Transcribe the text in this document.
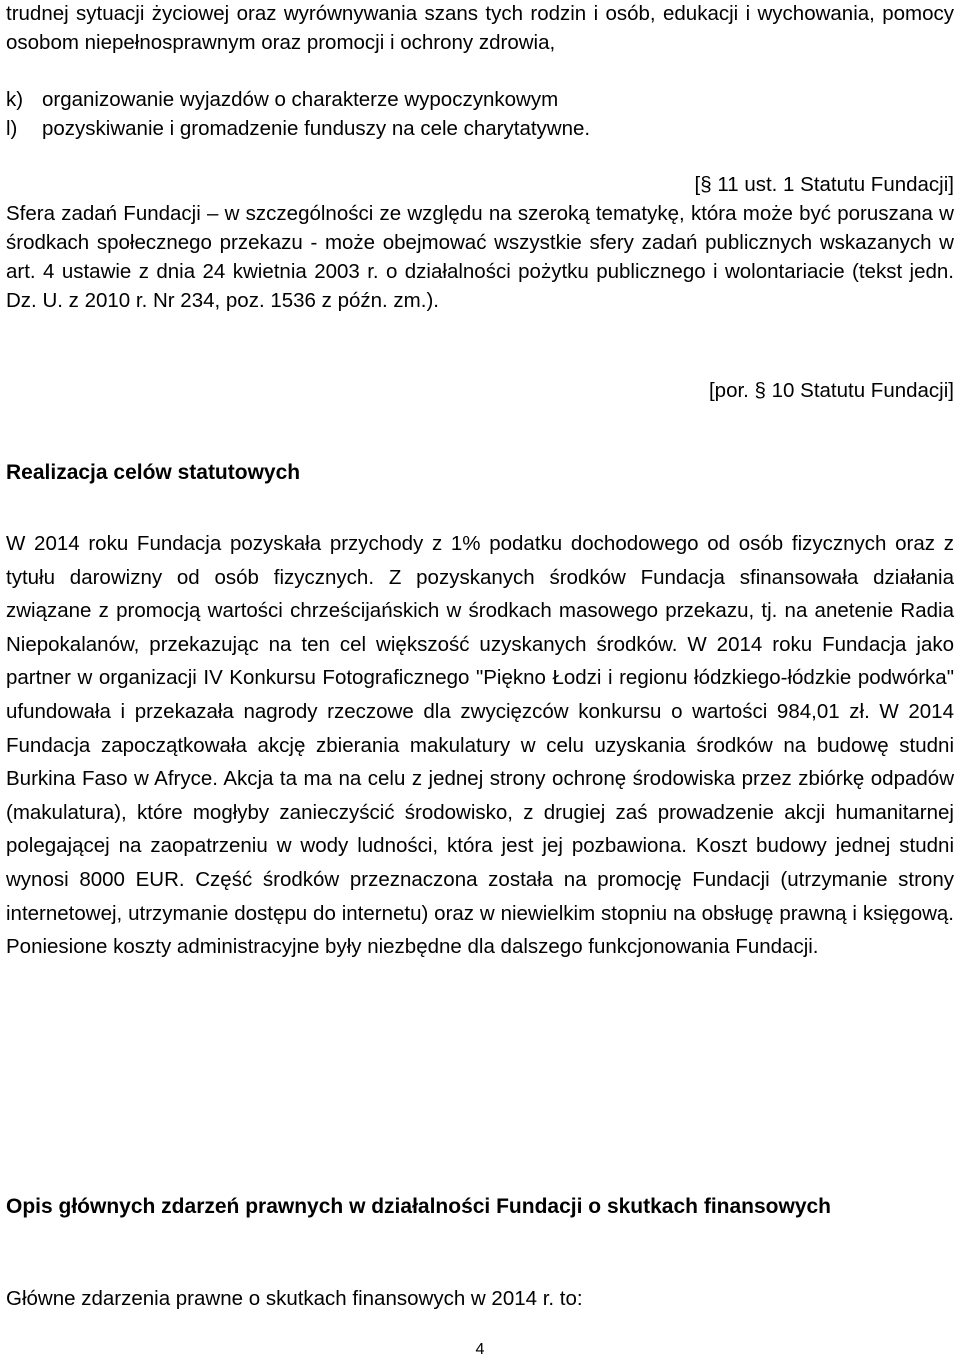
trudnej sytuacji życiowej oraz wyrównywania szans tych rodzin i osób, edukacji i wychowania, pomocy osobom niepełnosprawnym oraz promocji i ochrony zdrowia,

k) organizowanie wyjazdów o charakterze wypoczynkowym
l) pozyskiwanie i gromadzenie funduszy na cele charytatywne.

[§ 11 ust. 1 Statutu Fundacji]

Sfera zadań Fundacji – w szczególności ze względu na szeroką tematykę, która może być poruszana w środkach społecznego przekazu - może obejmować wszystkie sfery zadań publicznych wskazanych w art. 4 ustawie z dnia 24 kwietnia 2003 r. o działalności pożytku publicznego i wolontariacie (tekst jedn. Dz. U. z 2010 r. Nr 234, poz. 1536 z późn. zm.).

[por. § 10 Statutu Fundacji]

Realizacja celów statutowych

W 2014 roku Fundacja pozyskała przychody z 1% podatku dochodowego od osób fizycznych oraz z tytułu darowizny od osób fizycznych. Z pozyskanych środków Fundacja sfinansowała działania związane z promocją wartości chrześcijańskich w środkach masowego przekazu, tj. na anetenie Radia Niepokalanów, przekazując na ten cel większość uzyskanych środków. W 2014 roku Fundacja jako partner w organizacji IV Konkursu Fotograficznego "Piękno Łodzi i regionu łódzkiego-łódzkie podwórka" ufundowała i przekazała nagrody rzeczowe dla zwycięzców konkursu o wartości 984,01 zł. W 2014 Fundacja zapoczątkowała akcję zbierania makulatury w celu uzyskania środków na budowę studni Burkina Faso w Afryce. Akcja ta ma na celu z jednej strony ochronę środowiska przez zbiórkę odpadów (makulatura), które mogłyby zanieczyścić środowisko, z drugiej zaś prowadzenie akcji humanitarnej polegającej na zaopatrzeniu w wody ludności, która jest jej pozbawiona. Koszt budowy jednej studni wynosi 8000 EUR. Część środków przeznaczona została na promocję Fundacji (utrzymanie strony internetowej, utrzymanie dostępu do internetu) oraz w niewielkim stopniu na obsługę prawną i księgową. Poniesione koszty administracyjne były niezbędne dla dalszego funkcjonowania Fundacji.

Opis głównych zdarzeń prawnych w działalności Fundacji o skutkach finansowych

Główne zdarzenia prawne o skutkach finansowych w 2014 r. to:

4
